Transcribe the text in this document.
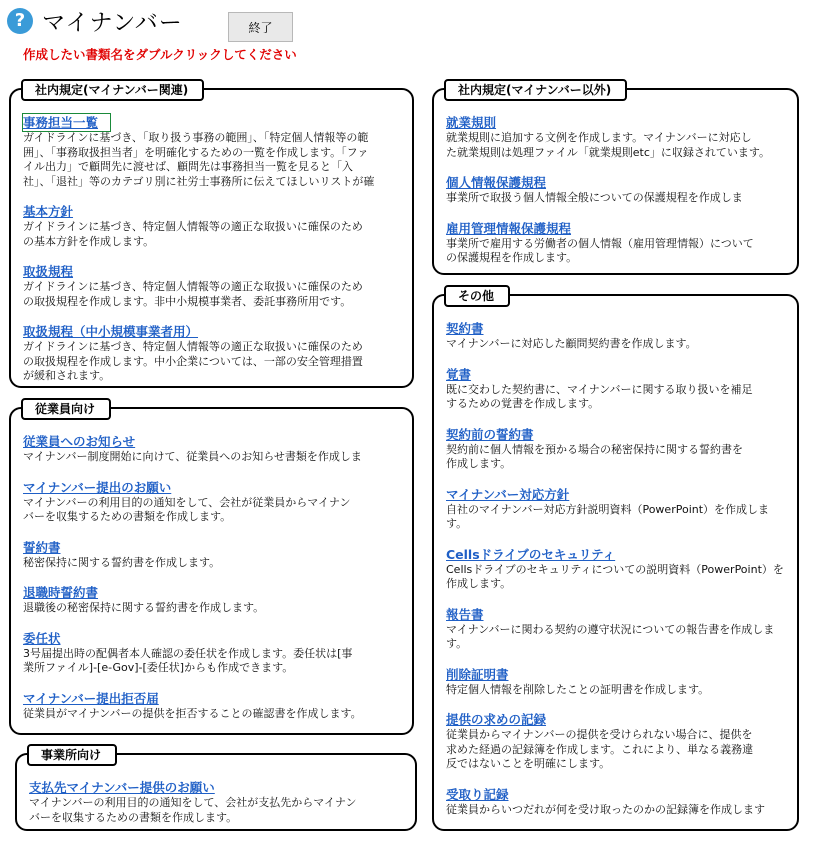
? マイナンバー	終了
作成したい書類名をダブルクリックしてください
社内規定(マイナンバー関連)
事務担当一覧
ガイドラインに基づき、「取り扱う事務の範囲」、「特定個人情報等の範
囲」、「事務取扱担当者」を明確化するための一覧を作成します。「ファ
イル出力」で顧問先に渡せば、顧問先は事務担当一覧を見ると「入
社」、「退社」等のカテゴリ別に社労士事務所に伝えてほしいリストが確
基本方針
ガイドラインに基づき、特定個人情報等の適正な取扱いに確保のため
の基本方針を作成します。
取扱規程
ガイドラインに基づき、特定個人情報等の適正な取扱いに確保のため
の取扱規程を作成します。非中小規模事業者、委託事務所用です。
取扱規程（中小規模事業者用）
ガイドラインに基づき、特定個人情報等の適正な取扱いに確保のため
の取扱規程を作成します。中小企業については、一部の安全管理措置
が緩和されます。
従業員向け
従業員へのお知らせ
マイナンバー制度開始に向けて、従業員へのお知らせ書類を作成しま
マイナンバー提出のお願い
マイナンバーの利用目的の通知をして、会社が従業員からマイナン
バーを収集するための書類を作成します。
誓約書
秘密保持に関する誓約書を作成します。
退職時誓約書
退職後の秘密保持に関する誓約書を作成します。
委任状
3号届提出時の配偶者本人確認の委任状を作成します。委任状は[事
業所ファイル]-[e-Gov]-[委任状]からも作成できます。
マイナンバー提出拒否届
従業員がマイナンバーの提供を拒否することの確認書を作成します。
事業所向け
支払先マイナンバー提供のお願い
マイナンバーの利用目的の通知をして、会社が支払先からマイナン
バーを収集するための書類を作成します。
社内規定(マイナンバー以外)
就業規則
就業規則に追加する文例を作成します。マイナンバーに対応し
た就業規則は処理ファイル「就業規則etc」に収録されています。
個人情報保護規程
事業所で取扱う個人情報全般についての保護規程を作成しま
雇用管理情報保護規程
事業所で雇用する労働者の個人情報（雇用管理情報）について
の保護規程を作成します。
その他
契約書
マイナンバーに対応した顧問契約書を作成します。
覚書
既に交わした契約書に、マイナンバーに関する取り扱いを補足
するための覚書を作成します。
契約前の誓約書
契約前に個人情報を預かる場合の秘密保持に関する誓約書を
作成します。
マイナンバー対応方針
自社のマイナンバー対応方針説明資料（PowerPoint）を作成します。
Cellsドライブのセキュリティ
Cellsドライブのセキュリティについての説明資料（PowerPoint）を
作成します。
報告書
マイナンバーに関わる契約の遵守状況についての報告書を作成します。
削除証明書
特定個人情報を削除したことの証明書を作成します。
提供の求めの記録
従業員からマイナンバーの提供を受けられない場合に、提供を
求めた経過の記録簿を作成します。これにより、単なる義務違
反ではないことを明確にします。
受取り記録
従業員からいつだれが何を受け取ったのかの記録簿を作成します
